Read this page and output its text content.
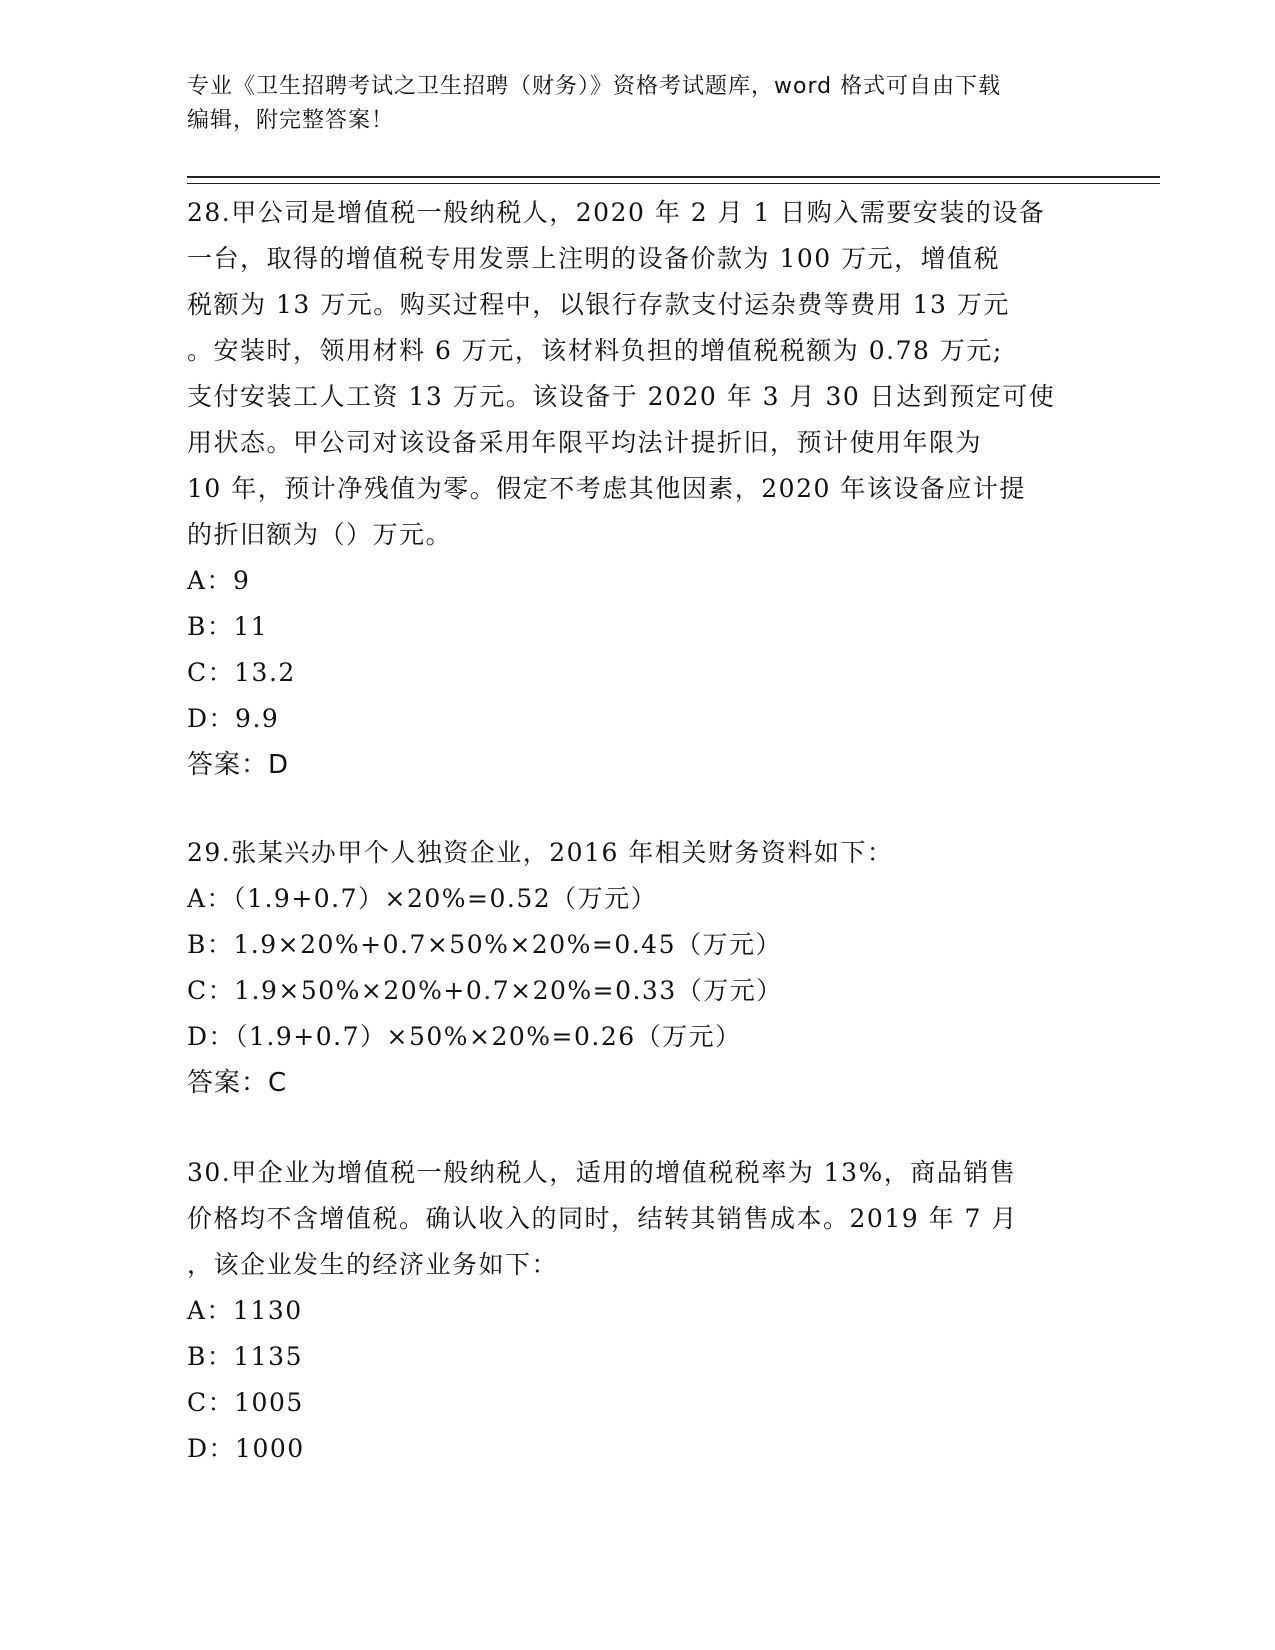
专业《卫生招聘考试之卫生招聘（财务）》资格考试题库，word 格式可自由下载
编辑，附完整答案！
28.甲公司是增值税一般纳税人，2020 年 2 月 1 日购入需要安装的设备
一台，取得的增值税专用发票上注明的设备价款为 100 万元，增值税
税额为 13 万元。购买过程中，以银行存款支付运杂费等费用 13 万元
。安装时，领用材料 6 万元，该材料负担的增值税税额为 0.78 万元;
支付安装工人工资 13 万元。该设备于 2020 年 3 月 30 日达到预定可使
用状态。甲公司对该设备采用年限平均法计提折旧，预计使用年限为
10 年，预计净残值为零。假定不考虑其他因素，2020 年该设备应计提
的折旧额为（）万元。
A：9
B：11
C：13.2
D：9.9
答案：D
29.张某兴办甲个人独资企业，2016 年相关财务资料如下：
A：（1.9+0.7）×20%=0.52（万元）
B：1.9×20%+0.7×50%×20%=0.45（万元）
C：1.9×50%×20%+0.7×20%=0.33（万元）
D：（1.9+0.7）×50%×20%=0.26（万元）
答案：C
30.甲企业为增值税一般纳税人，适用的增值税税率为 13%，商品销售
价格均不含增值税。确认收入的同时，结转其销售成本。2019 年 7 月
，该企业发生的经济业务如下：
A：1130
B：1135
C：1005
D：1000
